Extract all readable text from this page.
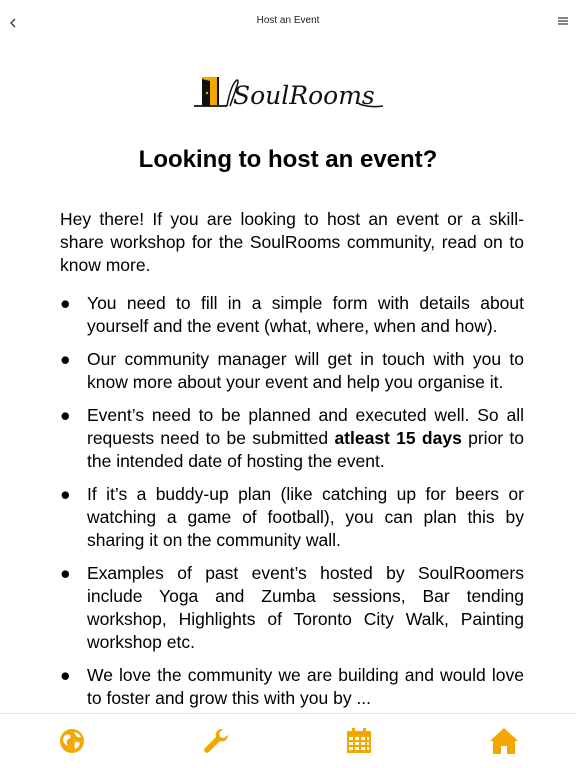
Host an Event
SoulRooms
Looking to host an event?

Hey there! If you are looking to host an event or a skill-share workshop for the SoulRooms community, read on to know more.

● You need to fill in a simple form with details about yourself and the event (what, where, when and how).
● Our community manager will get in touch with you to know more about your event and help you organise it.
● Event’s need to be planned and executed well. So all requests need to be submitted atleast 15 days prior to the intended date of hosting the event.
● If it’s a buddy-up plan (like catching up for beers or watching a game of football), you can plan this by sharing it on the community wall.
● Examples of past event’s hosted by SoulRoomers include Yoga and Zumba sessions, Bar tending workshop, Highlights of Toronto City Walk, Painting workshop etc.
● We love the community we are building and would love to foster and grow this with you by ...
